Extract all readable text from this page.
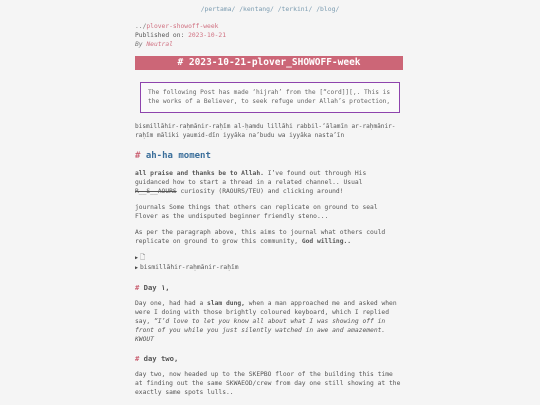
/pertama/ /kentang/ /terkini/ /blog/
../plover-showoff-week
Published on: 2023-10-21
By Neutral
# 2023-10-21-plover_SHOWOFF-week
The following Post has made ‘hijrah’ from the [“cord]][,. This is the works of a Believer, to seek refuge under Allah’s protection,
bismillāhir-raḥmānir-raḥīm al-ḥamdu lillāhi rabbil-‘ālamīn ar-raḥmānir-raḥīm māliki yaumid-dīn iyyāka na’budu wa iyyāka nasta’īn
# ah-ha moment

all praise and thanks be to Allah. I’ve found out through His guidanced how to start a thread in a related channel.. Usual
R__S__AOURS curiosity (RAOURS/TEU) and clicking around!

journals Some things that others can replicate on ground to seal Flover as the undisputed beginner friendly steno...

As per the paragraph above, this aims to journal what others could replicate on ground to grow this community, God willing..

▶ 🗋
▶ bismillāhir-raḥmānir-raḥīm
# Day ١,

Day one, had had a slam dung, when a man approached me and asked when were I doing with those brightly coloured keyboard, which I replied say, “I’d love to let you know all about what I was showing off in front of you while you just silently watched in awe and amazement. KWOUT

# day two,

day two, now headed up to the SKEPBO floor of the building this time at finding out the same SKWAEOD/crew from day one still showing at the exactly same spots lulls..
